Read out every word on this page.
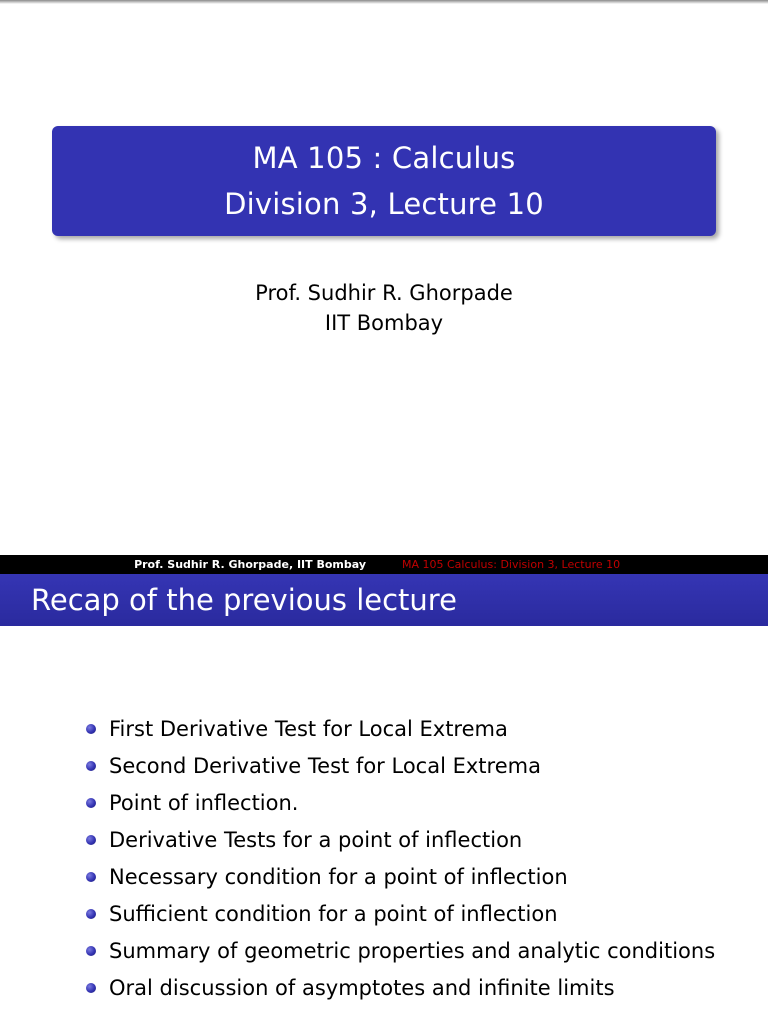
MA 105 : Calculus
Division 3, Lecture 10
Prof. Sudhir R. Ghorpade
IIT Bombay
Prof. Sudhir R. Ghorpade, IIT Bombay	MA 105 Calculus: Division 3, Lecture 10
Recap of the previous lecture
First Derivative Test for Local Extrema
Second Derivative Test for Local Extrema
Point of inflection.
Derivative Tests for a point of inflection
Necessary condition for a point of inflection
Sufficient condition for a point of inflection
Summary of geometric properties and analytic conditions
Oral discussion of asymptotes and infinite limits
